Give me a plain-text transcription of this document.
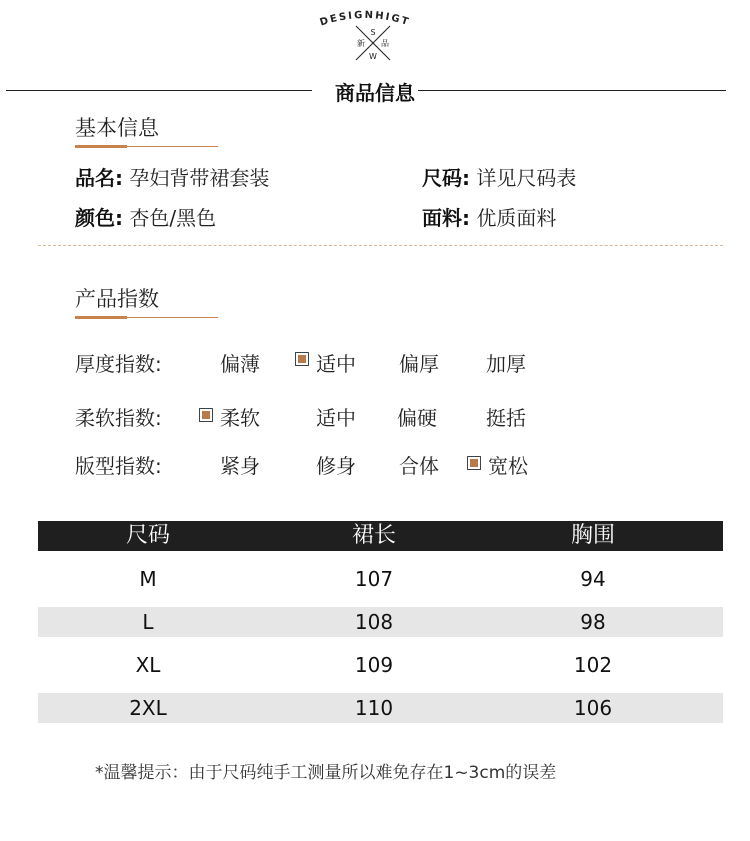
DESIGNHIGT
S
新 品
W
商品信息
基本信息
品名: 孕妇背带裙套装	尺码: 详见尺码表
颜色: 杏色/黑色	面料: 优质面料
产品指数
厚度指数:	偏薄	适中 偏厚 加厚
柔软指数:	柔软	适中 偏硬 挺括
版型指数:	紧身	修身 合体 宽松
尺码	裙长	胸围
M	107	94
L	108	98
XL	109	102
2XL	110	106
*温馨提示：由于尺码纯手工测量所以难免存在1~3cm的误差
